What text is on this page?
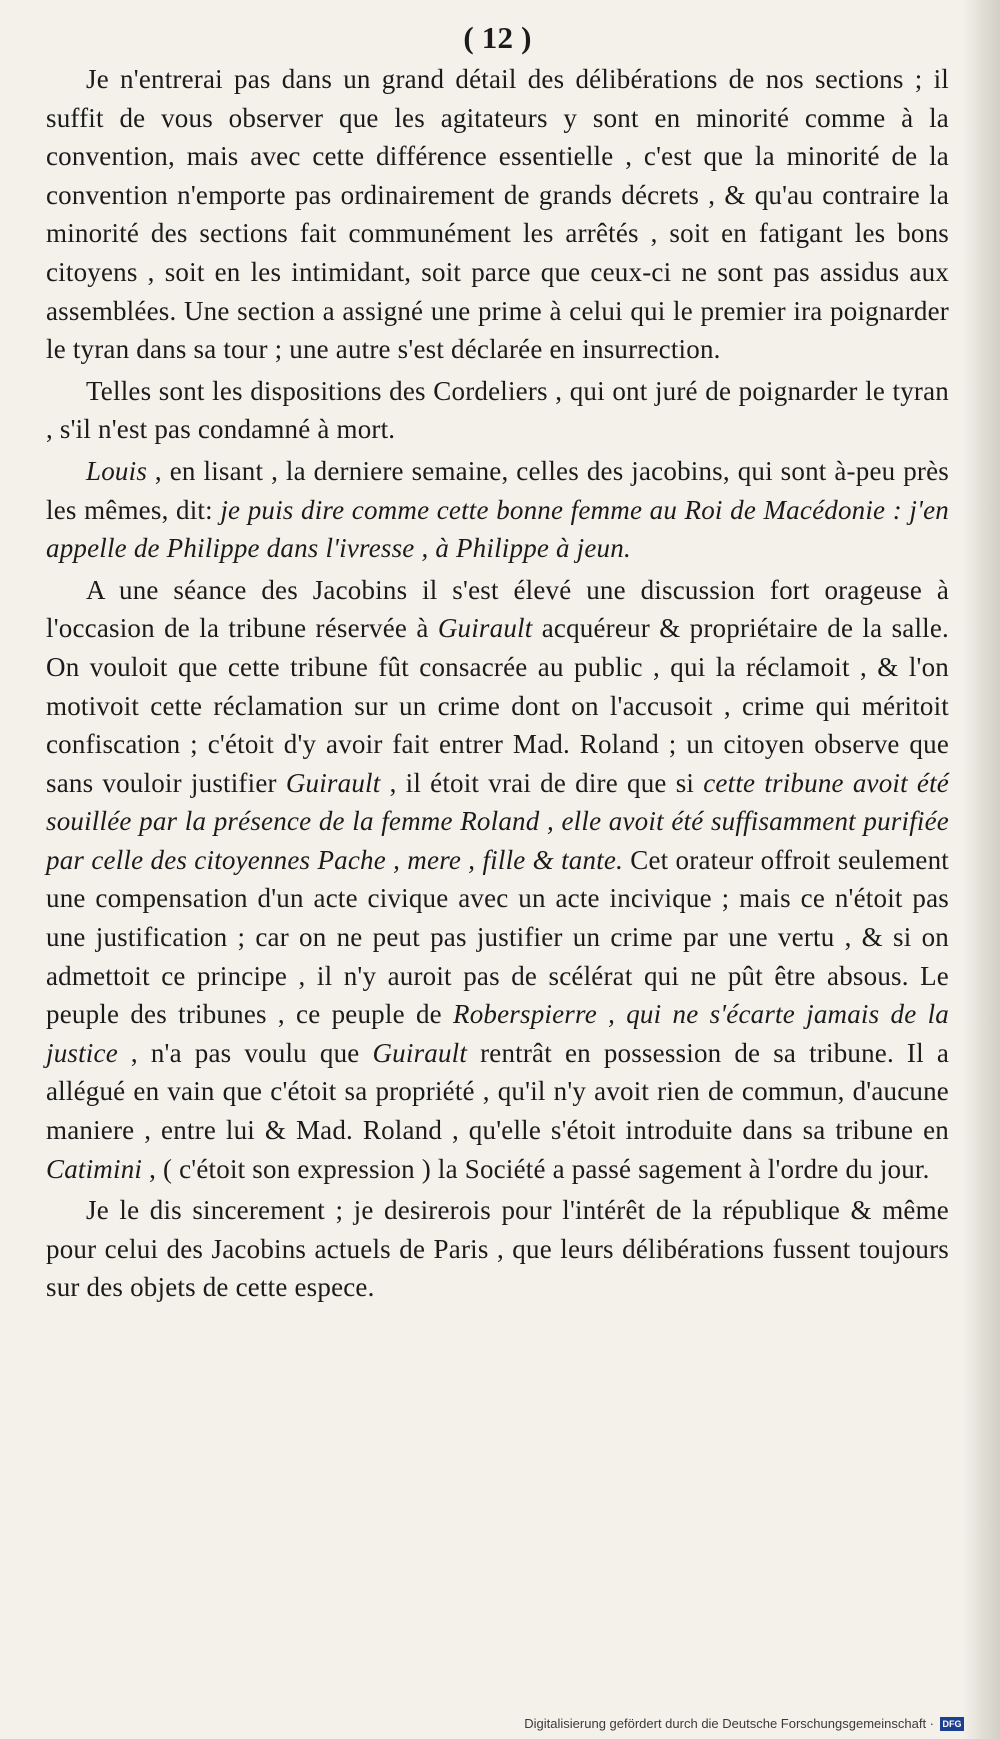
( 12 )

Je n'entrerai pas dans un grand détail des délibérations de nos sections ; il suffit de vous observer que les agitateurs y sont en minorité comme à la convention, mais avec cette différence essentielle , c'est que la minorité de la convention n'emporte pas ordinairement de grands décrets , & qu'au contraire la minorité des sections fait communément les arrêtés , soit en fatigant les bons citoyens , soit en les intimidant, soit parce que ceux-ci ne sont pas assidus aux assemblées. Une section a assigné une prime à celui qui le premier ira poignarder le tyran dans sa tour ; une autre s'est déclarée en insurrection.

Telles sont les dispositions des Cordeliers , qui ont juré de poignarder le tyran , s'il n'est pas condamné à mort.

Louis , en lisant , la derniere semaine, celles des jacobins, qui sont à-peu près les mêmes, dit: je puis dire comme cette bonne femme au Roi de Macédonie : j'en appelle de Philippe dans l'ivresse , à Philippe à jeun.

A une séance des Jacobins il s'est élevé une discussion fort orageuse à l'occasion de la tribune réservée à Guirault acquéreur & propriétaire de la salle. On vouloit que cette tribune fût consacrée au public , qui la réclamoit , & l'on motivoit cette réclamation sur un crime dont on l'accusoit , crime qui méritoit confiscation ; c'étoit d'y avoir fait entrer Mad. Roland ; un citoyen observe que sans vouloir justifier Guirault , il étoit vrai de dire que si cette tribune avoit été souillée par la présence de la femme Roland , elle avoit été suffisamment purifiée par celle des citoyennes Pache , mere , fille & tante. Cet orateur offroit seulement une compensation d'un acte civique avec un acte incivique ; mais ce n'étoit pas une justification ; car on ne peut pas justifier un crime par une vertu , & si on admettoit ce principe , il n'y auroit pas de scélérat qui ne pût être absous. Le peuple des tribunes , ce peuple de Roberspierre , qui ne s'écarte jamais de la justice , n'a pas voulu que Guirault rentrât en possession de sa tribune. Il a allégué en vain que c'étoit sa propriété , qu'il n'y avoit rien de commun, d'aucune maniere , entre lui & Mad. Roland , qu'elle s'étoit introduite dans sa tribune en Catimini , ( c'étoit son expression ) la Société a passé sagement à l'ordre du jour.

Je le dis sincerement ; je desirerois pour l'intérêt de la république & même pour celui des Jacobins actuels de Paris , que leurs délibérations fussent toujours sur des objets de cette espece.

Digitalisierung gefördert durch die Deutsche Forschungsgemeinschaft · DFG
